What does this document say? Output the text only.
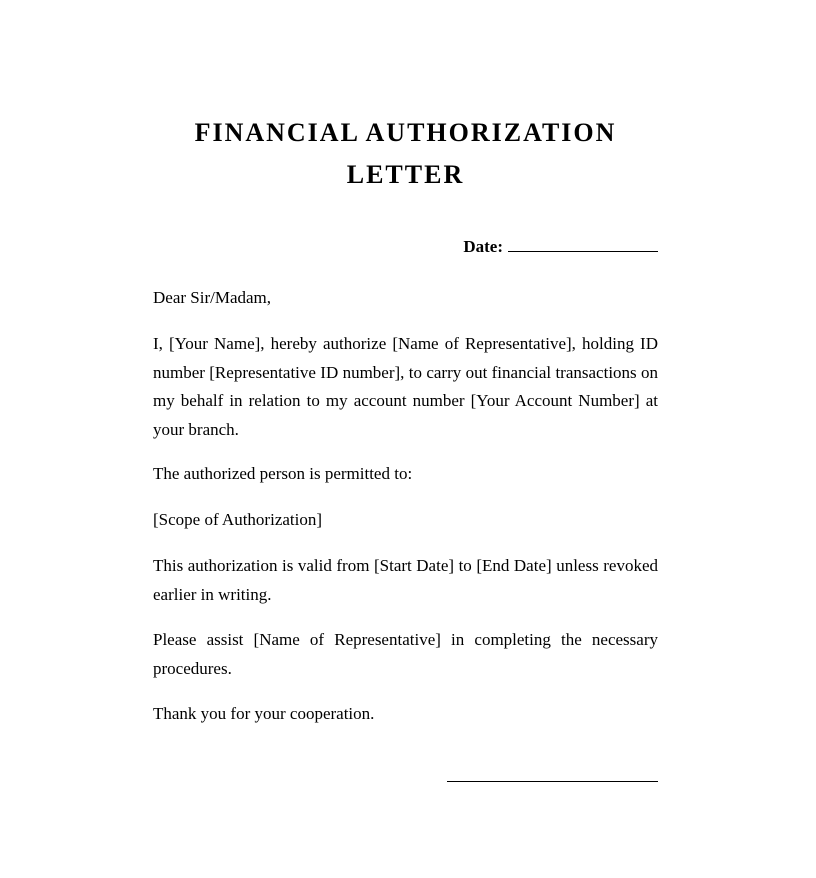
FINANCIAL AUTHORIZATION
LETTER
Date:

Dear Sir/Madam,

I, [Your Name], hereby authorize [Name of Representative], holding ID number [Representative ID number], to carry out financial transactions on my behalf in relation to my account number [Your Account Number] at your branch.

The authorized person is permitted to:

[Scope of Authorization]

This authorization is valid from [Start Date] to [End Date] unless revoked earlier in writing.

Please assist [Name of Representative] in completing the necessary procedures.

Thank you for your cooperation.
